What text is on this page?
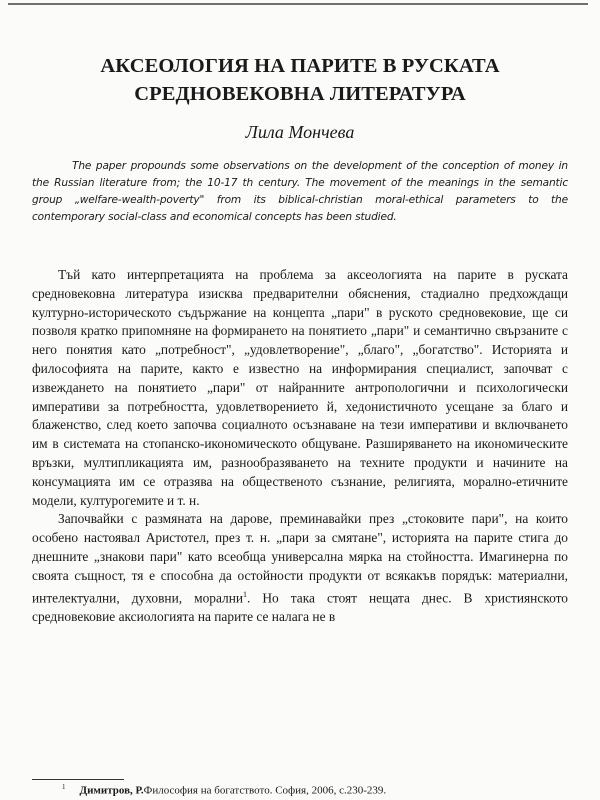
АКСЕОЛОГИЯ НА ПАРИТЕ В РУСКАТА
СРЕДНОВЕКОВНА ЛИТЕРАТУРА

Лила Мончева

The paper propounds some observations on the development of the conception of money in the Russian literature from; the 10-17 th century. The movement of the meanings in the semantic group „welfare-wealth-poverty" from its biblical-christian moral-ethical parameters to the contemporary social-class and economical concepts has been studied.

Тъй като интерпретацията на проблема за аксеологията на парите в руската средновековна литература изисква предварителни обяснения, стадиално предхождащи културно-историческото съдържание на концепта „пари" в руското средновековие, ще си позволя кратко припомняне на формирането на понятието „пари" и семантично свързаните с него понятия като „потребност", „удовлетворение", „благо", „богатство". Историята и философията на парите, както е известно на информирания специалист, започват с извеждането на понятието „пари" от найранните антропологични и психологически императиви за потребността, удовлетворението й, хедонистичното усещане за благо и блаженство, след което започва социалното осъзнаване на тези императиви и включването им в системата на стопанско-икономическото общуване. Разширяването на икономическите връзки, мултипликацията им, разнообразяването на техните продукти и начините на консумацията им се отразява на общественото съзнание, религията, морално-етичните модели, културогемите и т. н.

Започвайки с размяната на дарове, преминавайки през „стоковите пари", на които особено настоявал Аристотел, през т. н. „пари за смятане", историята на парите стига до днешните „знакови пари" като всеобща универсална мярка на стойността. Имагинерна по своята същност, тя е способна да остойности продукти от всякакъв порядък: материални, интелектуални, духовни, морални$^1$. Но така стоят нещата днес. В християнското средновековие аксиологията на парите се налага не в

$^1$ Димитров, Р.Философия на богатството. София, 2006, с.230-239.
